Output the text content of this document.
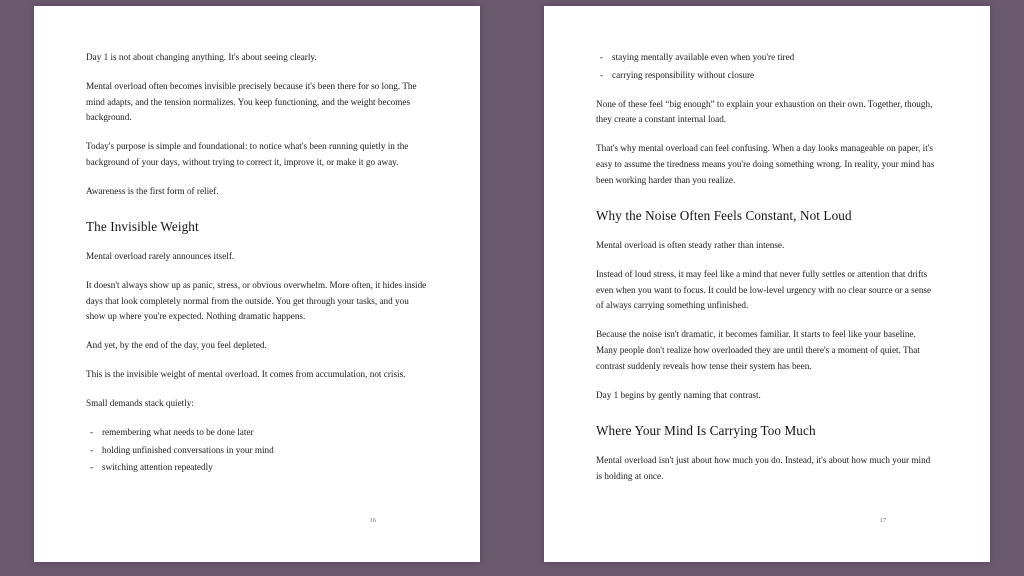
Day 1 is not about changing anything. It's about seeing clearly.

Mental overload often becomes invisible precisely because it's been there for so long. The mind adapts, and the tension normalizes. You keep functioning, and the weight becomes background.

Today's purpose is simple and foundational: to notice what's been running quietly in the background of your days, without trying to correct it, improve it, or make it go away.

Awareness is the first form of relief.

The Invisible Weight

Mental overload rarely announces itself.

It doesn't always show up as panic, stress, or obvious overwhelm. More often, it hides inside days that look completely normal from the outside. You get through your tasks, and you show up where you're expected. Nothing dramatic happens.

And yet, by the end of the day, you feel depleted.

This is the invisible weight of mental overload. It comes from accumulation, not crisis.

Small demands stack quietly:

- remembering what needs to be done later
- holding unfinished conversations in your mind
- switching attention repeatedly
16
- staying mentally available even when you're tired
- carrying responsibility without closure

None of these feel “big enough” to explain your exhaustion on their own. Together, though, they create a constant internal load.

That's why mental overload can feel confusing. When a day looks manageable on paper, it's easy to assume the tiredness means you're doing something wrong. In reality, your mind has been working harder than you realize.

Why the Noise Often Feels Constant, Not Loud

Mental overload is often steady rather than intense.

Instead of loud stress, it may feel like a mind that never fully settles or attention that drifts even when you want to focus. It could be low-level urgency with no clear source or a sense of always carrying something unfinished.

Because the noise isn't dramatic, it becomes familiar. It starts to feel like your baseline. Many people don't realize how overloaded they are until there's a moment of quiet. That contrast suddenly reveals how tense their system has been.

Day 1 begins by gently naming that contrast.

Where Your Mind Is Carrying Too Much

Mental overload isn't just about how much you do. Instead, it's about how much your mind is holding at once.

17
